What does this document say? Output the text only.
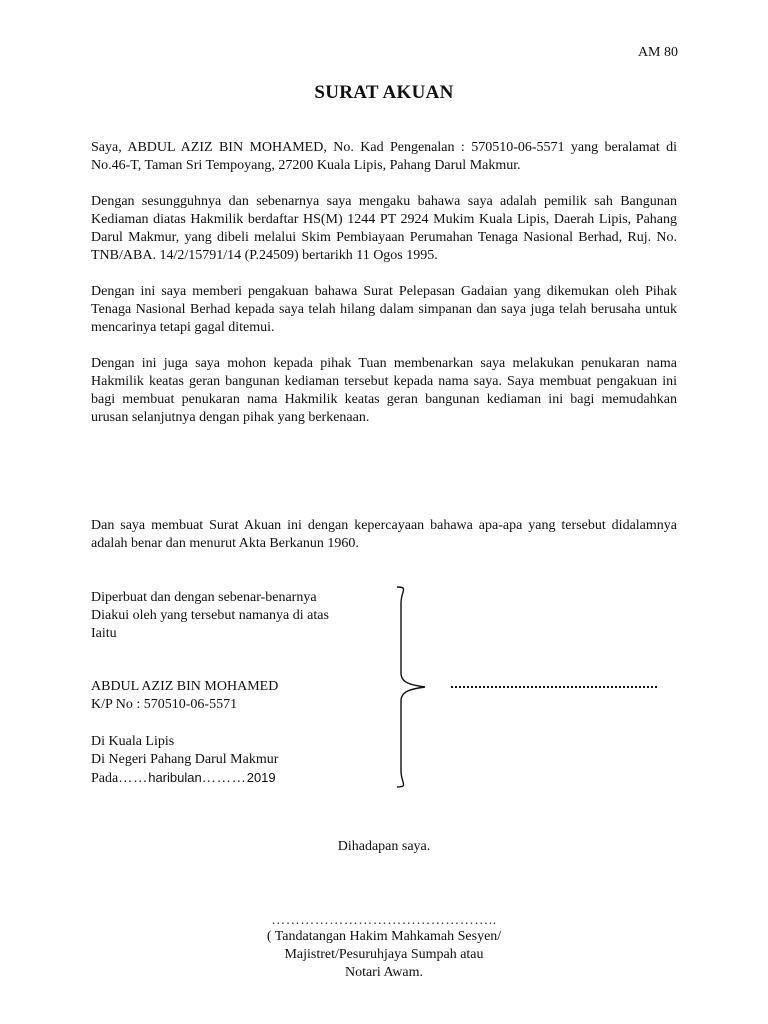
AM 80
SURAT AKUAN

Saya, ABDUL AZIZ BIN MOHAMED, No. Kad Pengenalan : 570510-06-5571 yang beralamat di No.46-T, Taman Sri Tempoyang, 27200 Kuala Lipis, Pahang Darul Makmur.

Dengan sesungguhnya dan sebenarnya saya mengaku bahawa saya adalah pemilik sah Bangunan Kediaman diatas Hakmilik berdaftar HS(M) 1244 PT 2924 Mukim Kuala Lipis, Daerah Lipis, Pahang Darul Makmur, yang dibeli melalui Skim Pembiayaan Perumahan Tenaga Nasional Berhad, Ruj. No. TNB/ABA. 14/2/15791/14 (P.24509) bertarikh 11 Ogos 1995.

Dengan ini saya memberi pengakuan bahawa Surat Pelepasan Gadaian yang dikemukan oleh Pihak Tenaga Nasional Berhad kepada saya telah hilang dalam simpanan dan saya juga telah berusaha untuk mencarinya tetapi gagal ditemui.

Dengan ini juga saya mohon kepada pihak Tuan membenarkan saya melakukan penukaran nama Hakmilik keatas geran bangunan kediaman tersebut kepada nama saya. Saya membuat pengakuan ini bagi membuat penukaran nama Hakmilik keatas geran bangunan kediaman ini bagi memudahkan urusan selanjutnya dengan pihak yang berkenaan.

Dan saya membuat Surat Akuan ini dengan kepercayaan bahawa apa-apa yang tersebut didalamnya adalah benar dan menurut Akta Berkanun 1960.

Diperbuat dan dengan sebenar-benarnya
Diakui oleh yang tersebut namanya di atas
Iaitu
ABDUL AZIZ BIN MOHAMED
K/P No : 570510-06-5571
Di Kuala Lipis
Di Negeri Pahang Darul Makmur
Pada……haribulan………2019
Dihadapan saya.
………………………………………..
( Tandatangan Hakim Mahkamah Sesyen/
Majistret/Pesuruhjaya Sumpah atau
Notari Awam.
